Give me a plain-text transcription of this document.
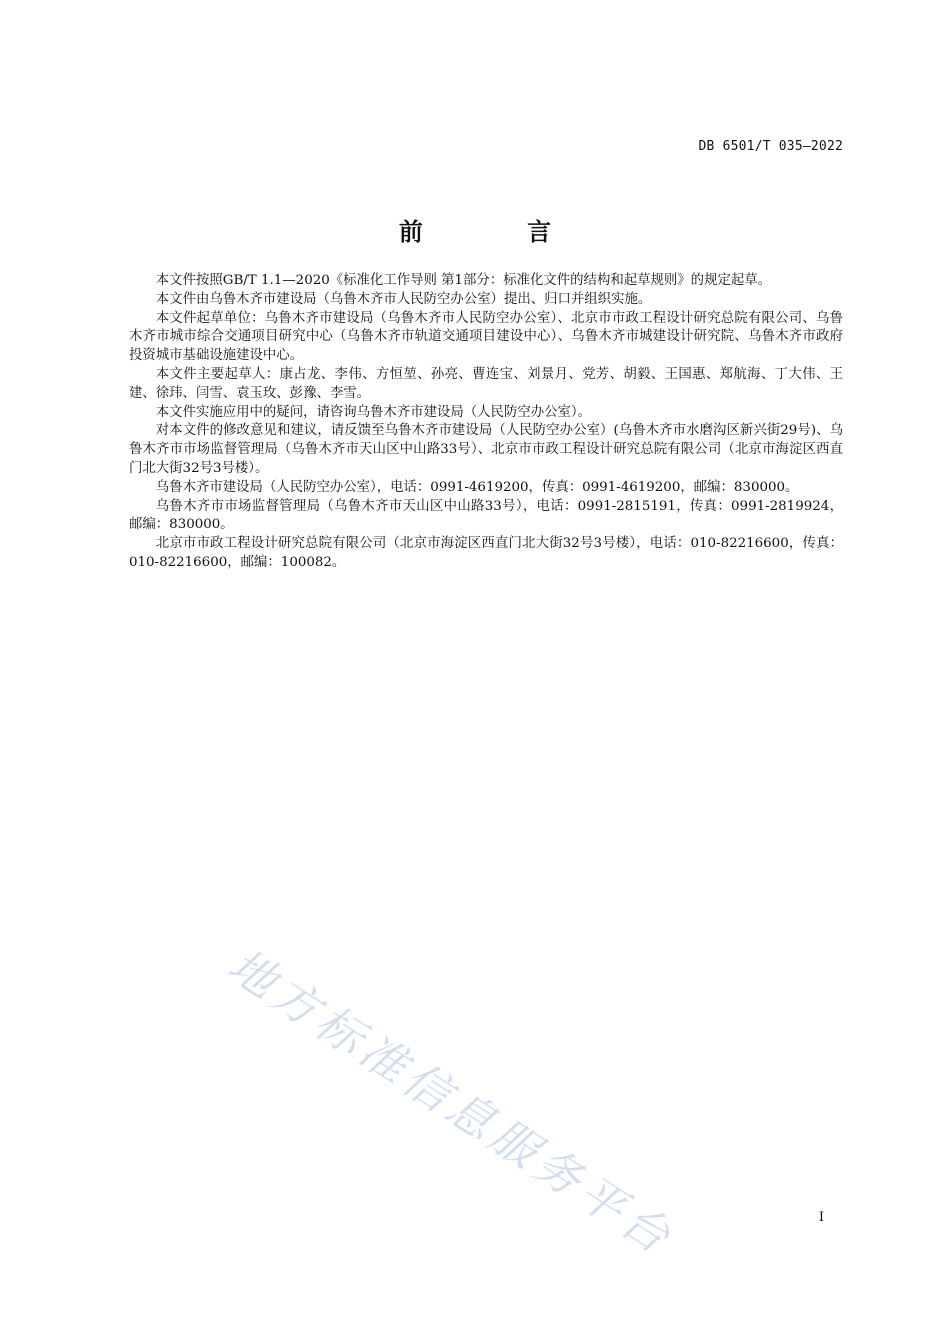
DB 6501/T 035—2022
前 言

本文件按照GB/T 1.1—2020《标准化工作导则 第1部分：标准化文件的结构和起草规则》的规定起草。

本文件由乌鲁木齐市建设局（乌鲁木齐市人民防空办公室）提出、归口并组织实施。

本文件起草单位：乌鲁木齐市建设局（乌鲁木齐市人民防空办公室）、北京市市政工程设计研究总院有限公司、乌鲁木齐市城市综合交通项目研究中心（乌鲁木齐市轨道交通项目建设中心）、乌鲁木齐市城建设计研究院、乌鲁木齐市政府投资城市基础设施建设中心。

本文件主要起草人：康占龙、李伟、方恒堃、孙亮、曹连宝、刘景月、党芳、胡毅、王国惠、郑航海、丁大伟、王建、徐玮、闫雪、袁玉玫、彭豫、李雪。

本文件实施应用中的疑问，请咨询乌鲁木齐市建设局（人民防空办公室）。

对本文件的修改意见和建议，请反馈至乌鲁木齐市建设局（人民防空办公室）(乌鲁木齐市水磨沟区新兴街29号)、乌鲁木齐市市场监督管理局（乌鲁木齐市天山区中山路33号）、北京市市政工程设计研究总院有限公司（北京市海淀区西直门北大街32号3号楼）。

乌鲁木齐市建设局（人民防空办公室），电话：0991-4619200，传真：0991-4619200，邮编：830000。

乌鲁木齐市市场监督管理局（乌鲁木齐市天山区中山路33号），电话：0991-2815191，传真：0991-2819924，邮编：830000。

北京市市政工程设计研究总院有限公司（北京市海淀区西直门北大街32号3号楼），电话：010-82216600，传真：010-82216600，邮编：100082。

地方标准信息服务平台	I
